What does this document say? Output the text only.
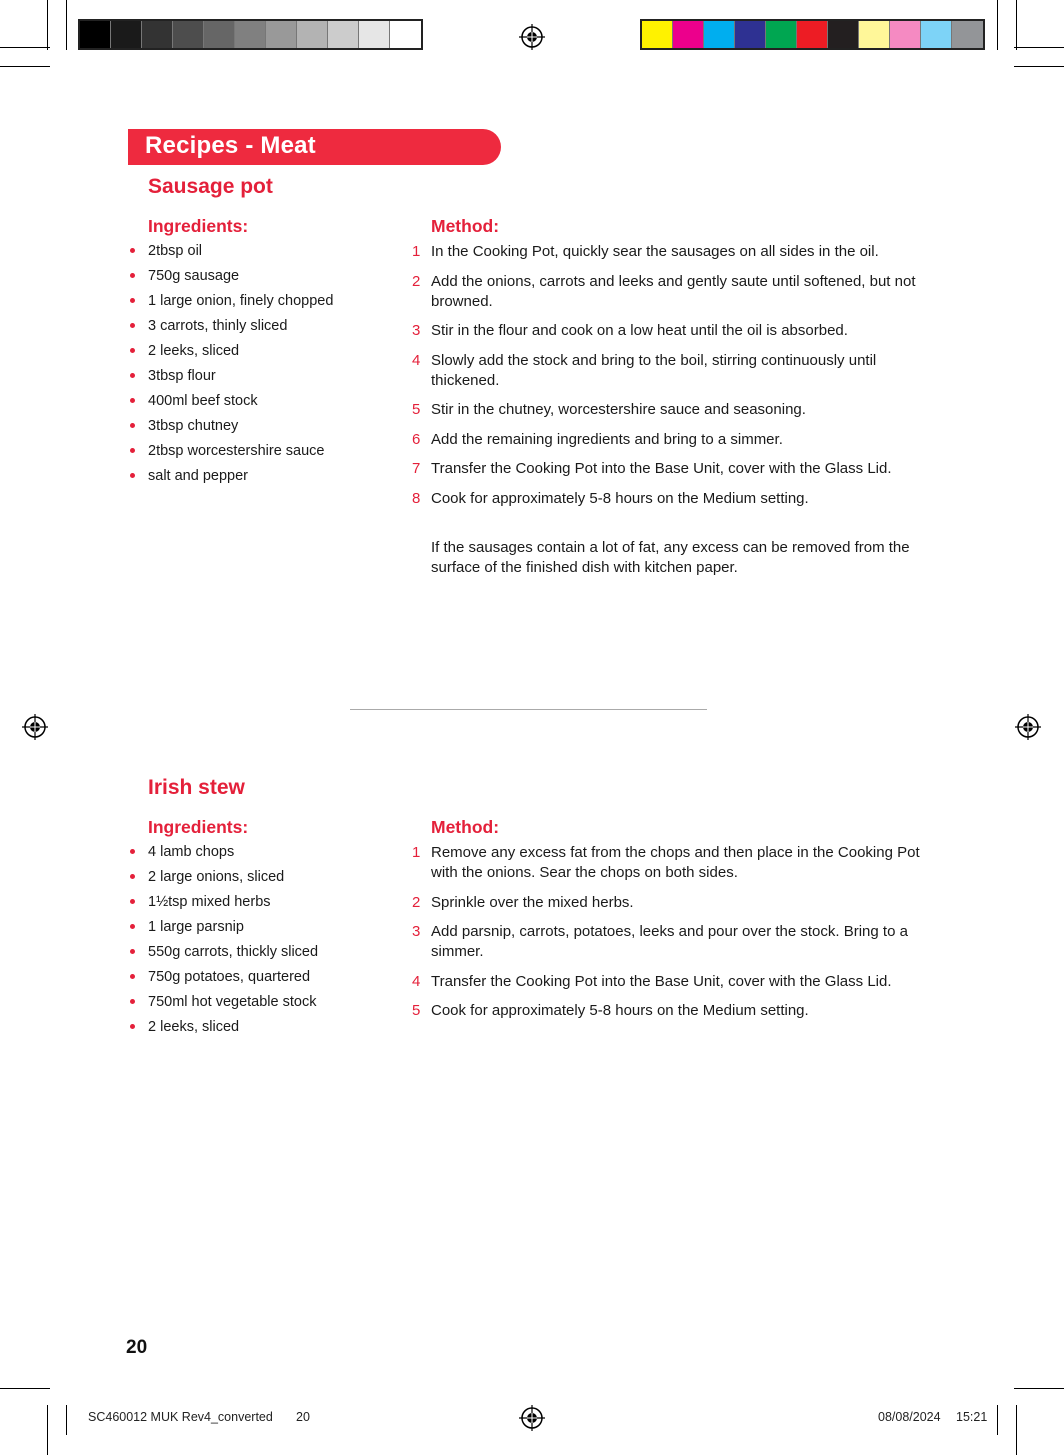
Recipes - Meat
Sausage pot
Ingredients:
2tbsp oil
750g sausage
1 large onion, finely chopped
3 carrots, thinly sliced
2 leeks, sliced
3tbsp flour
400ml beef stock
3tbsp chutney
2tbsp worcestershire sauce
salt and pepper
Method:
1 In the Cooking Pot, quickly sear the sausages on all sides in the oil.
2 Add the onions, carrots and leeks and gently saute until softened, but not browned.
3 Stir in the flour and cook on a low heat until the oil is absorbed.
4 Slowly add the stock and bring to the boil, stirring continuously until thickened.
5 Stir in the chutney, worcestershire sauce and seasoning.
6 Add the remaining ingredients and bring to a simmer.
7 Transfer the Cooking Pot into the Base Unit, cover with the Glass Lid.
8 Cook for approximately 5-8 hours on the Medium setting.
If the sausages contain a lot of fat, any excess can be removed from the surface of the finished dish with kitchen paper.
Irish stew
Ingredients:
4 lamb chops
2 large onions, sliced
1½tsp mixed herbs
1 large parsnip
550g carrots, thickly sliced
750g potatoes, quartered
750ml hot vegetable stock
2 leeks, sliced
Method:
1 Remove any excess fat from the chops and then place in the Cooking Pot with the onions. Sear the chops on both sides.
2 Sprinkle over the mixed herbs.
3 Add parsnip, carrots, potatoes, leeks and pour over the stock. Bring to a simmer.
4 Transfer the Cooking Pot into the Base Unit, cover with the Glass Lid.
5 Cook for approximately 5-8 hours on the Medium setting.
20
SC460012 MUK Rev4_converted 20	08/08/2024 15:21
